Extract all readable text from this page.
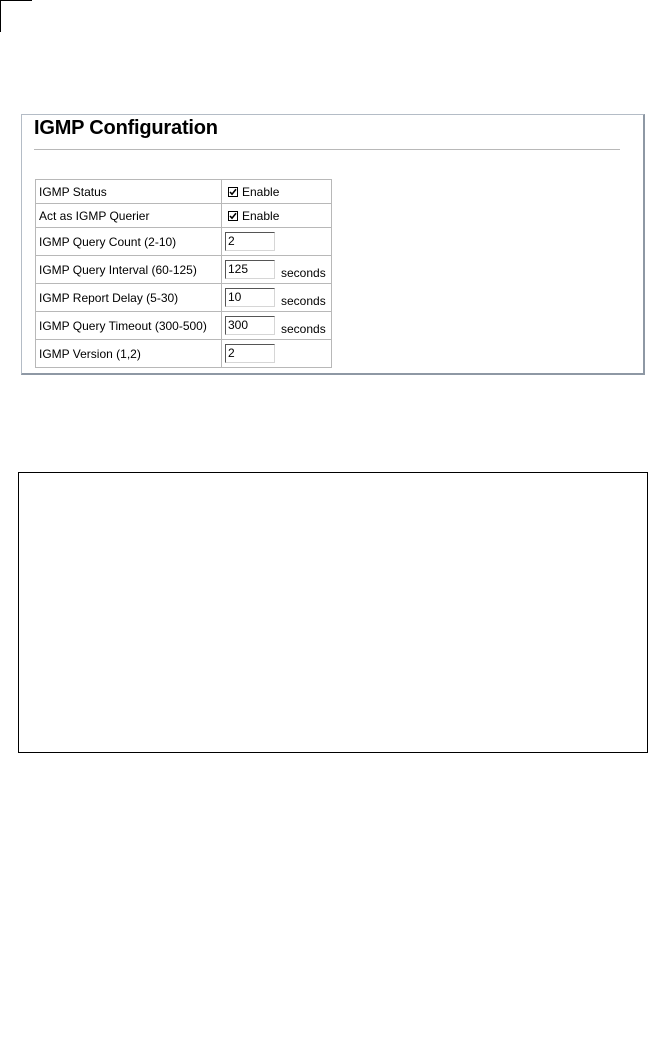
IGMP Configuration
IGMP Status	Enable
Act as IGMP Querier	Enable
IGMP Query Count (2-10)	2
IGMP Query Interval (60-125)	125 seconds
IGMP Report Delay (5-30)	10 seconds
IGMP Query Timeout (300-500)	300 seconds
IGMP Version (1,2)	2
